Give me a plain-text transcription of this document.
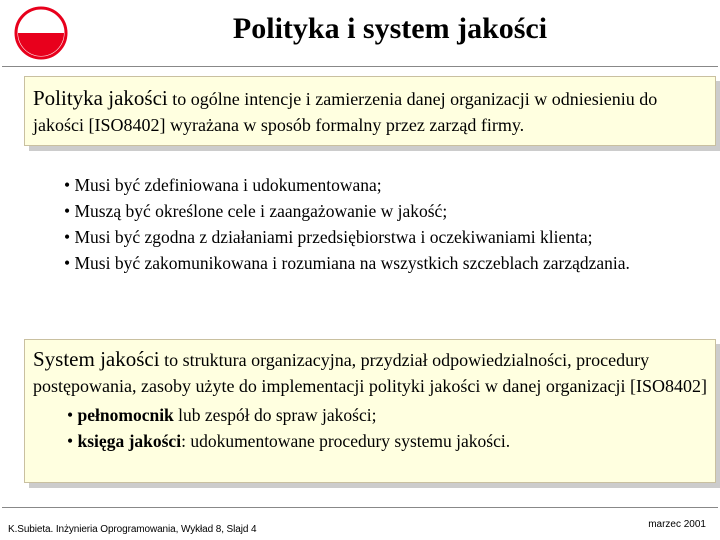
Polityka i system jakości
Polityka jakości to ogólne intencje i zamierzenia danej organizacji w odniesieniu do jakości [ISO8402] wyrażana w sposób formalny przez zarząd firmy.
• Musi być zdefiniowana i udokumentowana;
• Muszą być określone cele i zaangażowanie w jakość;
• Musi być zgodna z działaniami przedsiębiorstwa i oczekiwaniami klienta;
• Musi być zakomunikowana i rozumiana na wszystkich szczeblach zarządzania.
System jakości to struktura organizacyjna, przydział odpowiedzialności, procedury postępowania, zasoby użyte do implementacji polityki jakości w danej organizacji [ISO8402]
• pełnomocnik lub zespół do spraw jakości;
• księga jakości: udokumentowane procedury systemu jakości.
K.Subieta. Inżynieria Oprogramowania, Wykład 8, Slajd 4	marzec 2001
